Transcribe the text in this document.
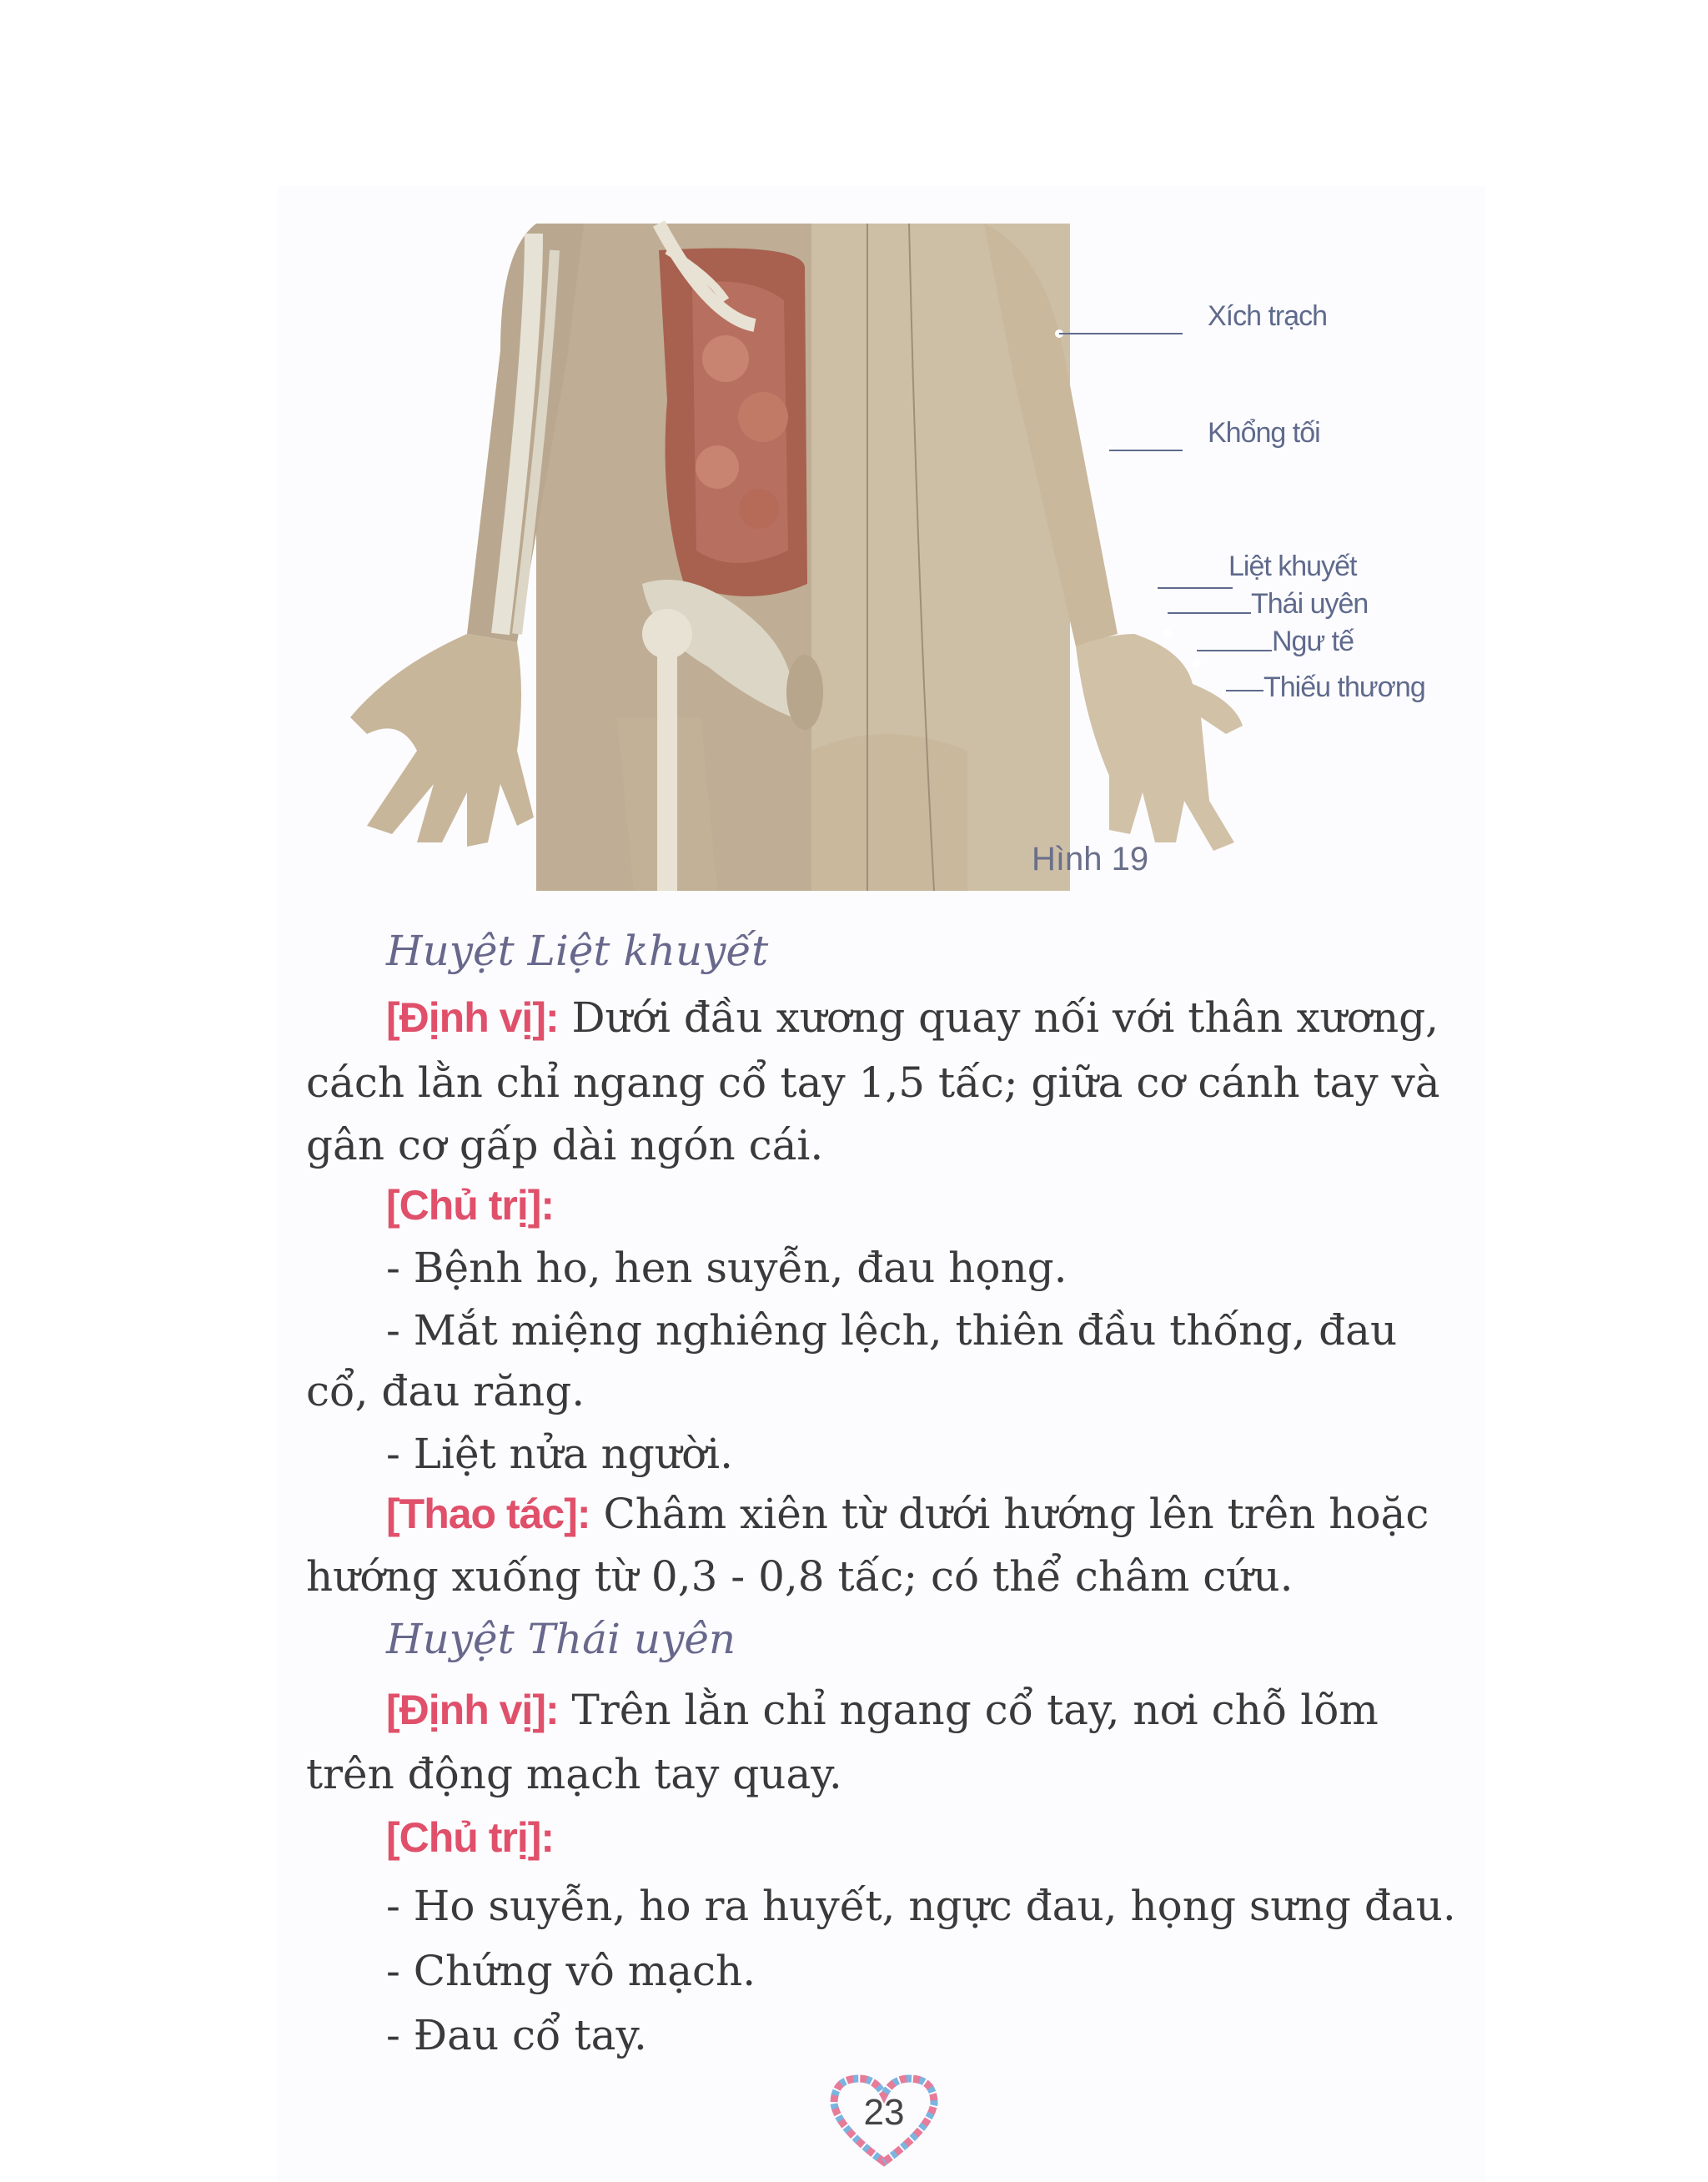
Xích trạch
Khổng tối
Liệt khuyết
Thái uyên
Ngư tế
Thiếu thương
Hình 19
Huyệt Liệt khuyết
[Định vị]: Dưới đầu xương quay nối với thân xương,
cách lằn chỉ ngang cổ tay 1,5 tấc; giữa cơ cánh tay và
gân cơ gấp dài ngón cái.
[Chủ trị]:
- Bệnh ho, hen suyễn, đau họng.
- Mắt miệng nghiêng lệch, thiên đầu thống, đau
cổ, đau răng.
- Liệt nửa người.
[Thao tác]: Châm xiên từ dưới hướng lên trên hoặc
hướng xuống từ 0,3 - 0,8 tấc; có thể châm cứu.
Huyệt Thái uyên
[Định vị]: Trên lằn chỉ ngang cổ tay, nơi chỗ lõm
trên động mạch tay quay.
[Chủ trị]:
- Ho suyễn, ho ra huyết, ngực đau, họng sưng đau.
- Chứng vô mạch.
- Đau cổ tay.
23
